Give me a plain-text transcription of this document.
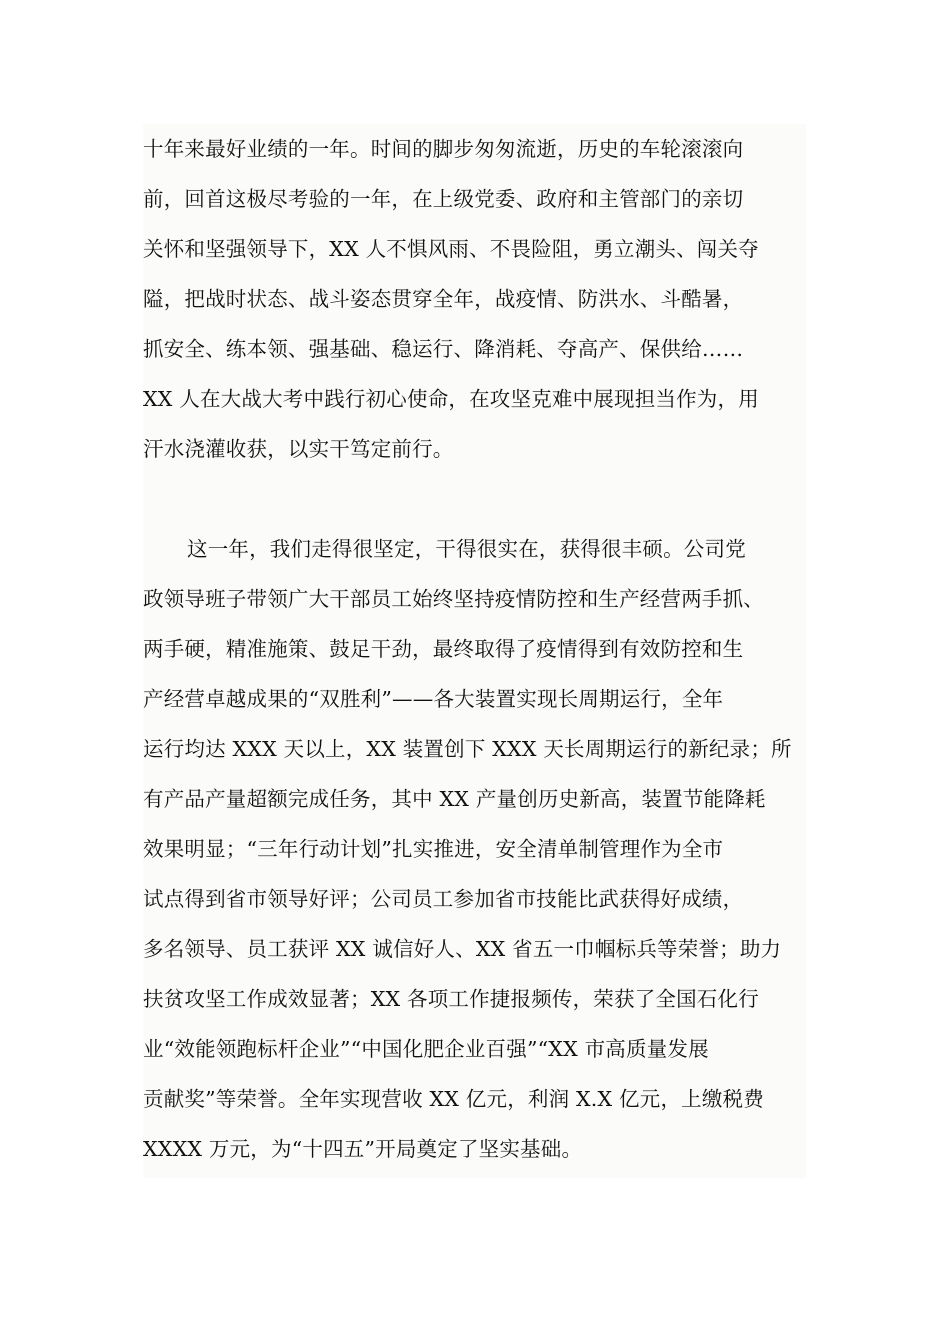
十年来最好业绩的一年。时间的脚步匆匆流逝，历史的车轮滚滚向
前，回首这极尽考验的一年，在上级党委、政府和主管部门的亲切
关怀和坚强领导下，XX 人不惧风雨、不畏险阻，勇立潮头、闯关夺
隘，把战时状态、战斗姿态贯穿全年，战疫情、防洪水、斗酷暑，
抓安全、练本领、强基础、稳运行、降消耗、夺高产、保供给……
XX 人在大战大考中践行初心使命，在攻坚克难中展现担当作为，用
汗水浇灌收获，以实干笃定前行。
这一年，我们走得很坚定，干得很实在，获得很丰硕。公司党
政领导班子带领广大干部员工始终坚持疫情防控和生产经营两手抓、
两手硬，精准施策、鼓足干劲，最终取得了疫情得到有效防控和生
产经营卓越成果的“双胜利”——各大装置实现长周期运行，全年
运行均达 XXX 天以上，XX 装置创下 XXX 天长周期运行的新纪录；所
有产品产量超额完成任务，其中 XX 产量创历史新高，装置节能降耗
效果明显；“三年行动计划”扎实推进，安全清单制管理作为全市
试点得到省市领导好评；公司员工参加省市技能比武获得好成绩，
多名领导、员工获评 XX 诚信好人、XX 省五一巾帼标兵等荣誉；助力
扶贫攻坚工作成效显著；XX 各项工作捷报频传，荣获了全国石化行
业“效能领跑标杆企业”“中国化肥企业百强”“XX 市高质量发展
贡献奖”等荣誉。全年实现营收 XX 亿元，利润 X.X 亿元，上缴税费
XXXX 万元，为“十四五”开局奠定了坚实基础。
